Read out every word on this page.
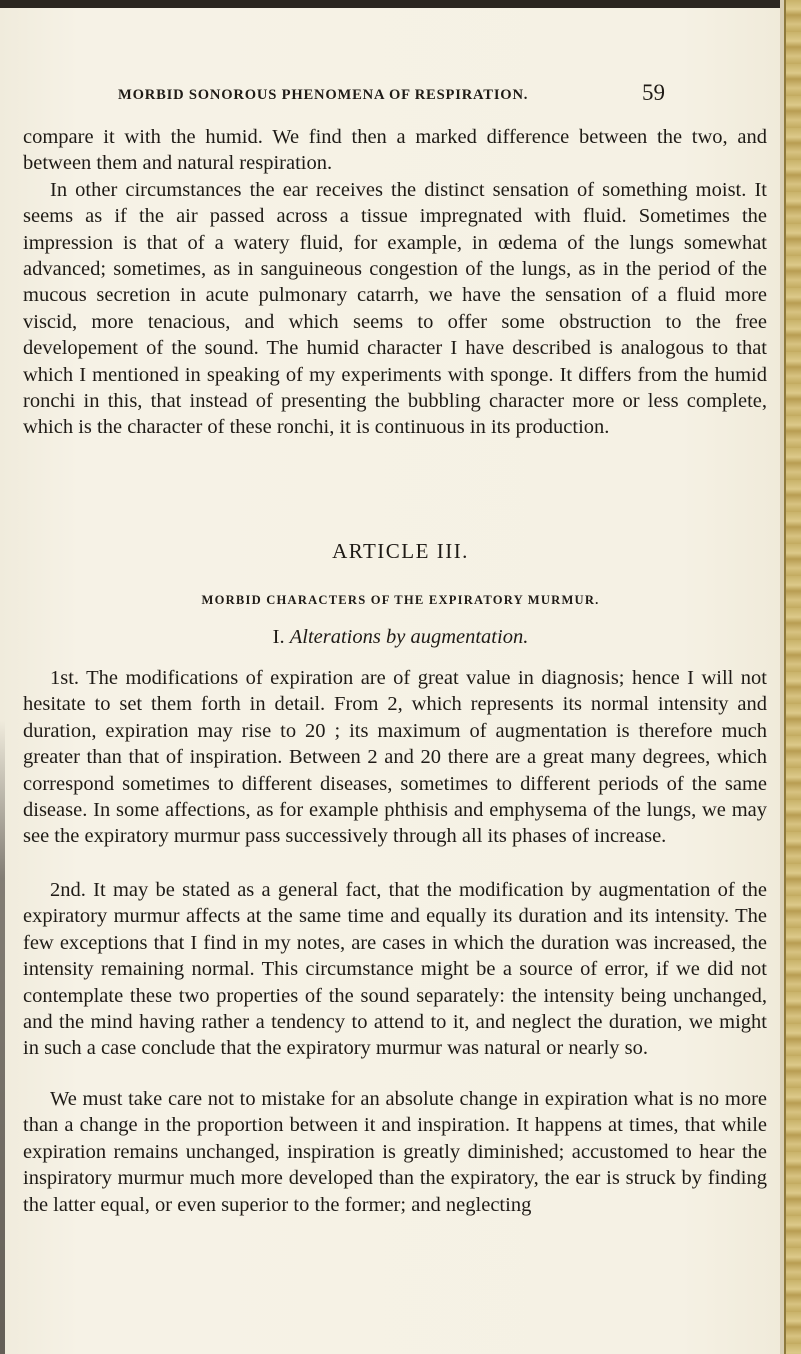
MORBID SONOROUS PHENOMENA OF RESPIRATION.	59

compare it with the humid. We find then a marked difference between the two, and between them and natural respiration.

In other circumstances the ear receives the distinct sensation of something moist. It seems as if the air passed across a tissue impregnated with fluid. Sometimes the impression is that of a watery fluid, for example, in œdema of the lungs somewhat advanced; sometimes, as in sanguineous congestion of the lungs, as in the period of the mucous secretion in acute pulmonary catarrh, we have the sensation of a fluid more viscid, more tenacious, and which seems to offer some obstruction to the free developement of the sound. The humid character I have described is analogous to that which I mentioned in speaking of my experiments with sponge. It differs from the humid ronchi in this, that instead of presenting the bubbling character more or less complete, which is the character of these ronchi, it is continuous in its production.

ARTICLE III.
MORBID CHARACTERS OF THE EXPIRATORY MURMUR.
I. Alterations by augmentation.

1st. The modifications of expiration are of great value in diagnosis; hence I will not hesitate to set them forth in detail. From 2, which represents its normal intensity and duration, expiration may rise to 20 ; its maximum of augmentation is therefore much greater than that of inspiration. Between 2 and 20 there are a great many degrees, which correspond sometimes to different diseases, sometimes to different periods of the same disease. In some affections, as for example phthisis and emphysema of the lungs, we may see the expiratory murmur pass successively through all its phases of increase.

2nd. It may be stated as a general fact, that the modification by augmentation of the expiratory murmur affects at the same time and equally its duration and its intensity. The few exceptions that I find in my notes, are cases in which the duration was increased, the intensity remaining normal. This circumstance might be a source of error, if we did not contemplate these two properties of the sound separately: the intensity being unchanged, and the mind having rather a tendency to attend to it, and neglect the duration, we might in such a case conclude that the expiratory murmur was natural or nearly so.

We must take care not to mistake for an absolute change in expiration what is no more than a change in the proportion between it and inspiration. It happens at times, that while expiration remains unchanged, inspiration is greatly diminished; accustomed to hear the inspiratory murmur much more developed than the expiratory, the ear is struck by finding the latter equal, or even superior to the former; and neglecting
